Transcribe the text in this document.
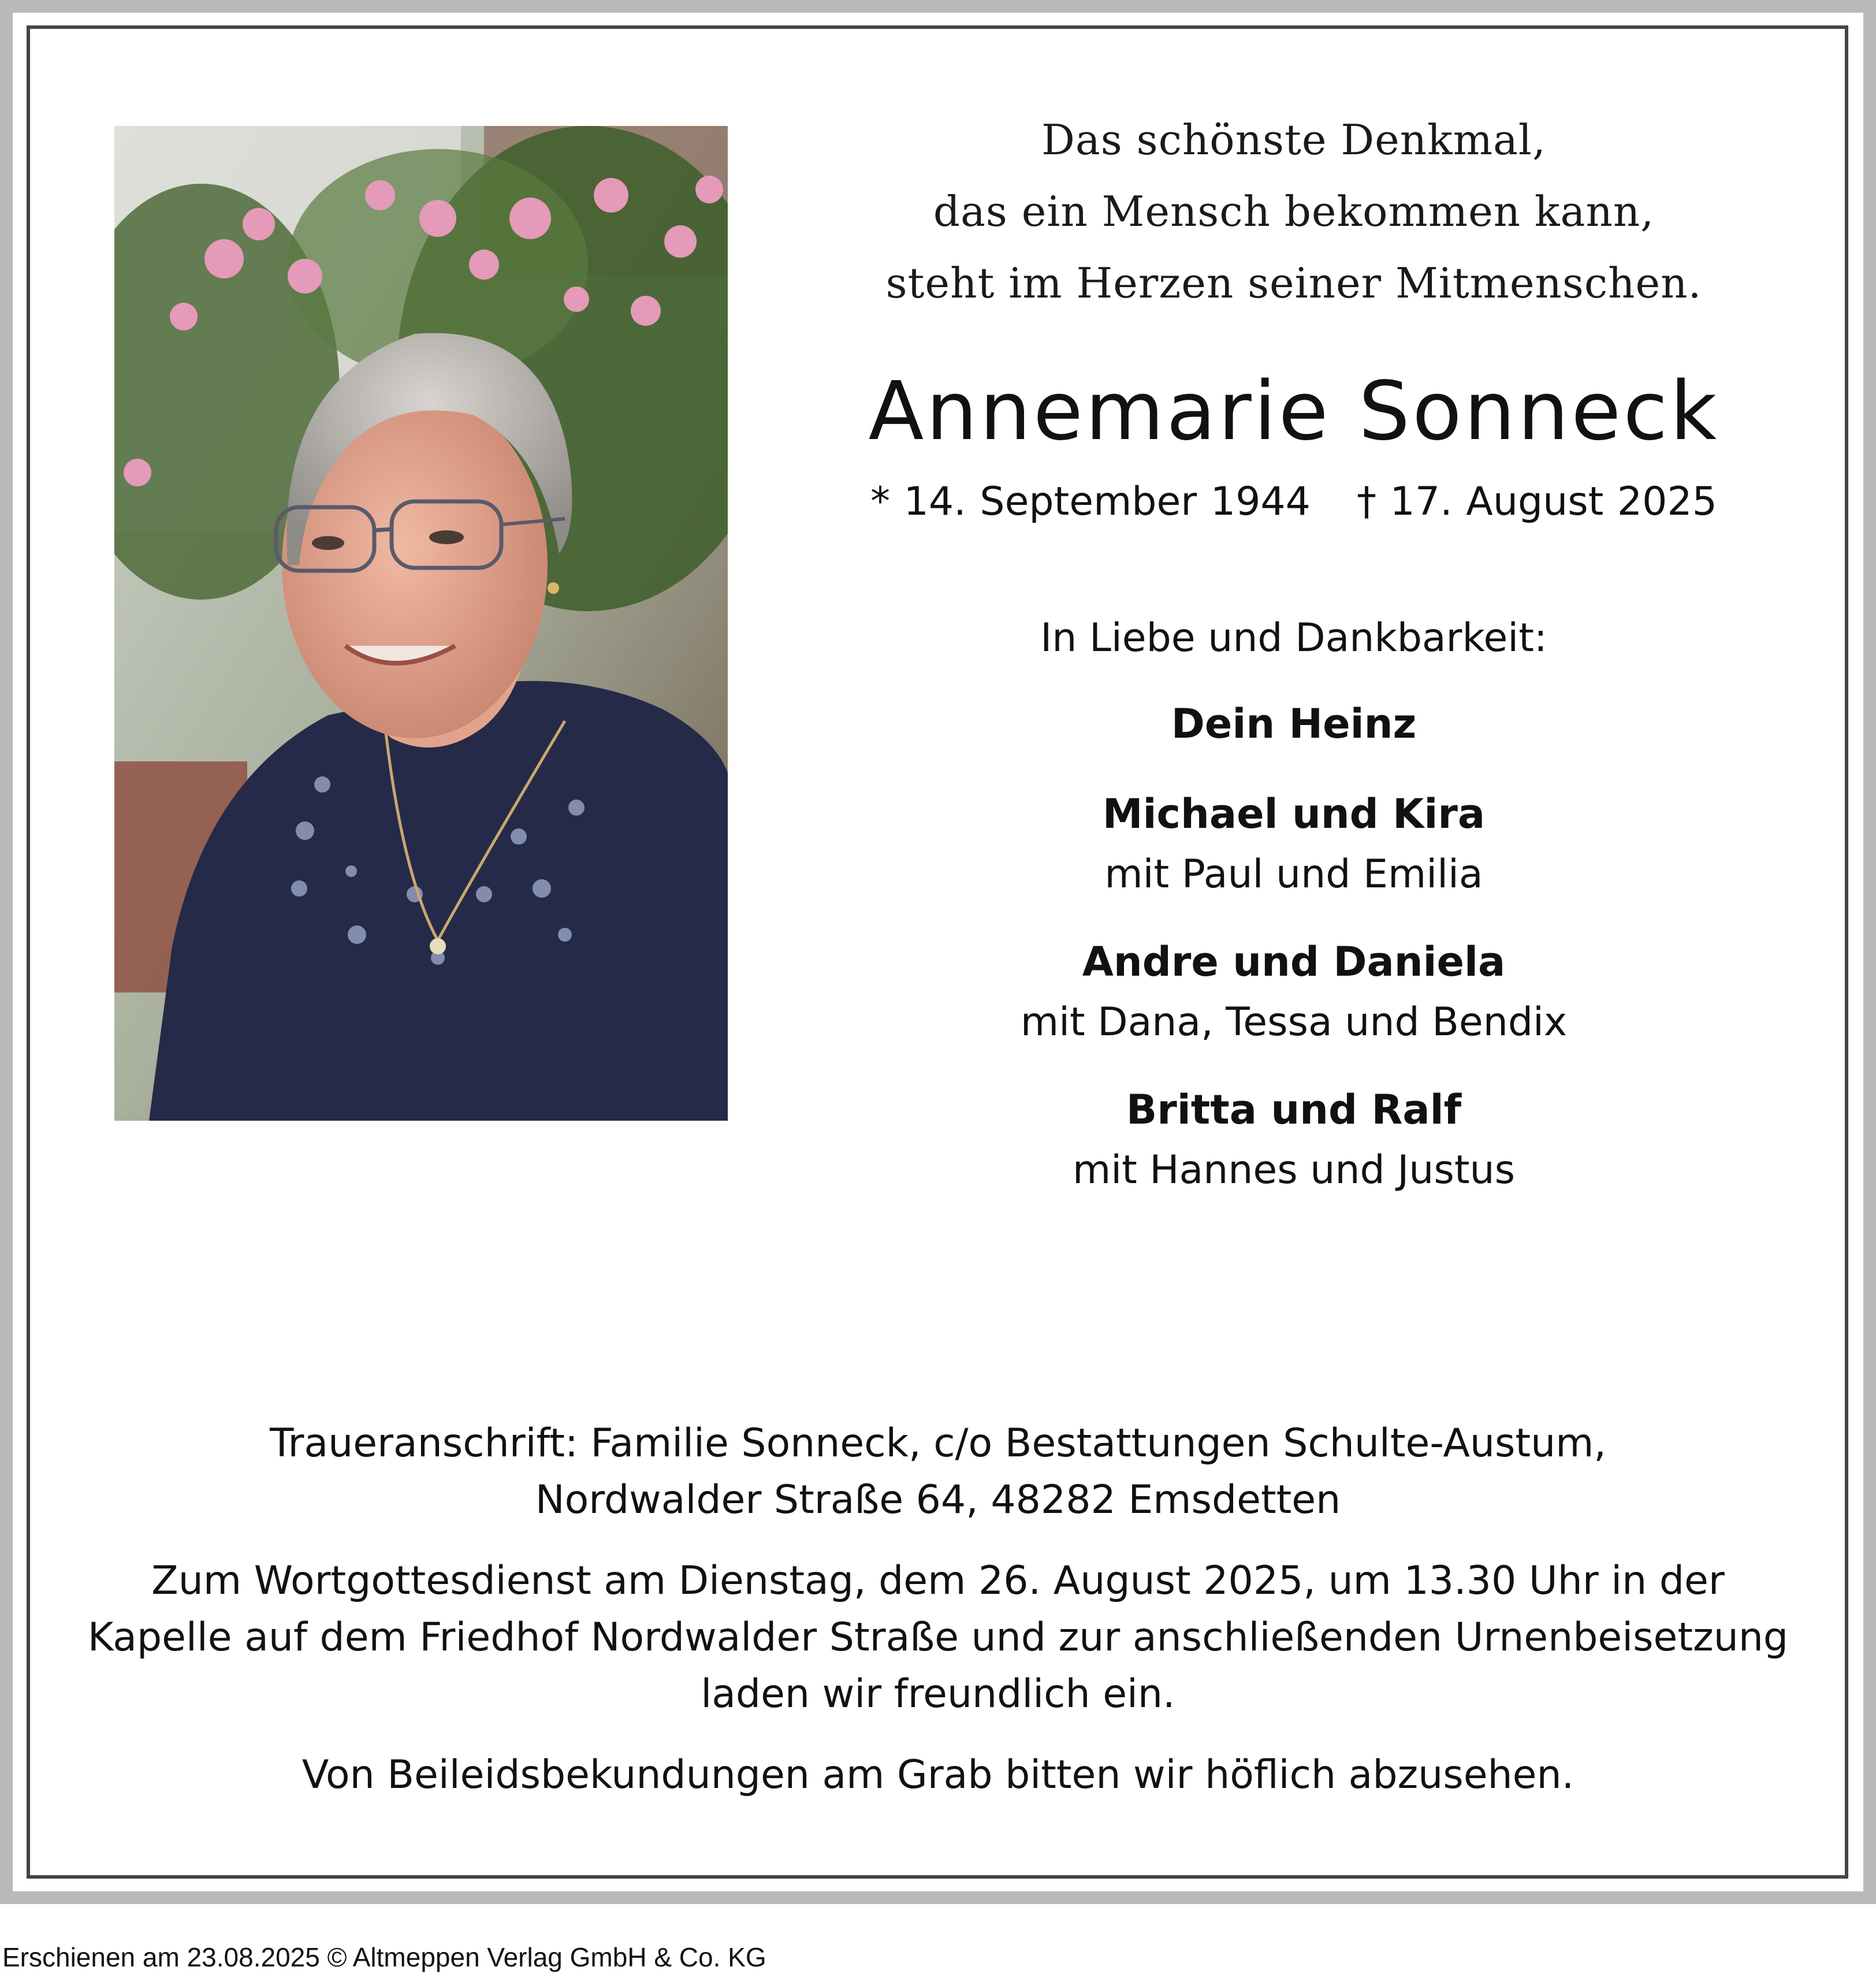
Das schönste Denkmal,
das ein Mensch bekommen kann,
steht im Herzen seiner Mitmenschen.
Annemarie Sonneck
* 14. September 1944 † 17. August 2025
In Liebe und Dankbarkeit:
Dein Heinz
Michael und Kira
mit Paul und Emilia
Andre und Daniela
mit Dana, Tessa und Bendix
Britta und Ralf
mit Hannes und Justus

Traueranschrift: Familie Sonneck, c/o Bestattungen Schulte-Austum,
Nordwalder Straße 64, 48282 Emsdetten

Zum Wortgottesdienst am Dienstag, dem 26. August 2025, um 13.30 Uhr in der
Kapelle auf dem Friedhof Nordwalder Straße und zur anschließenden Urnenbeisetzung
laden wir freundlich ein.

Von Beileidsbekundungen am Grab bitten wir höflich abzusehen.

Erschienen am 23.08.2025 © Altmeppen Verlag GmbH & Co. KG
